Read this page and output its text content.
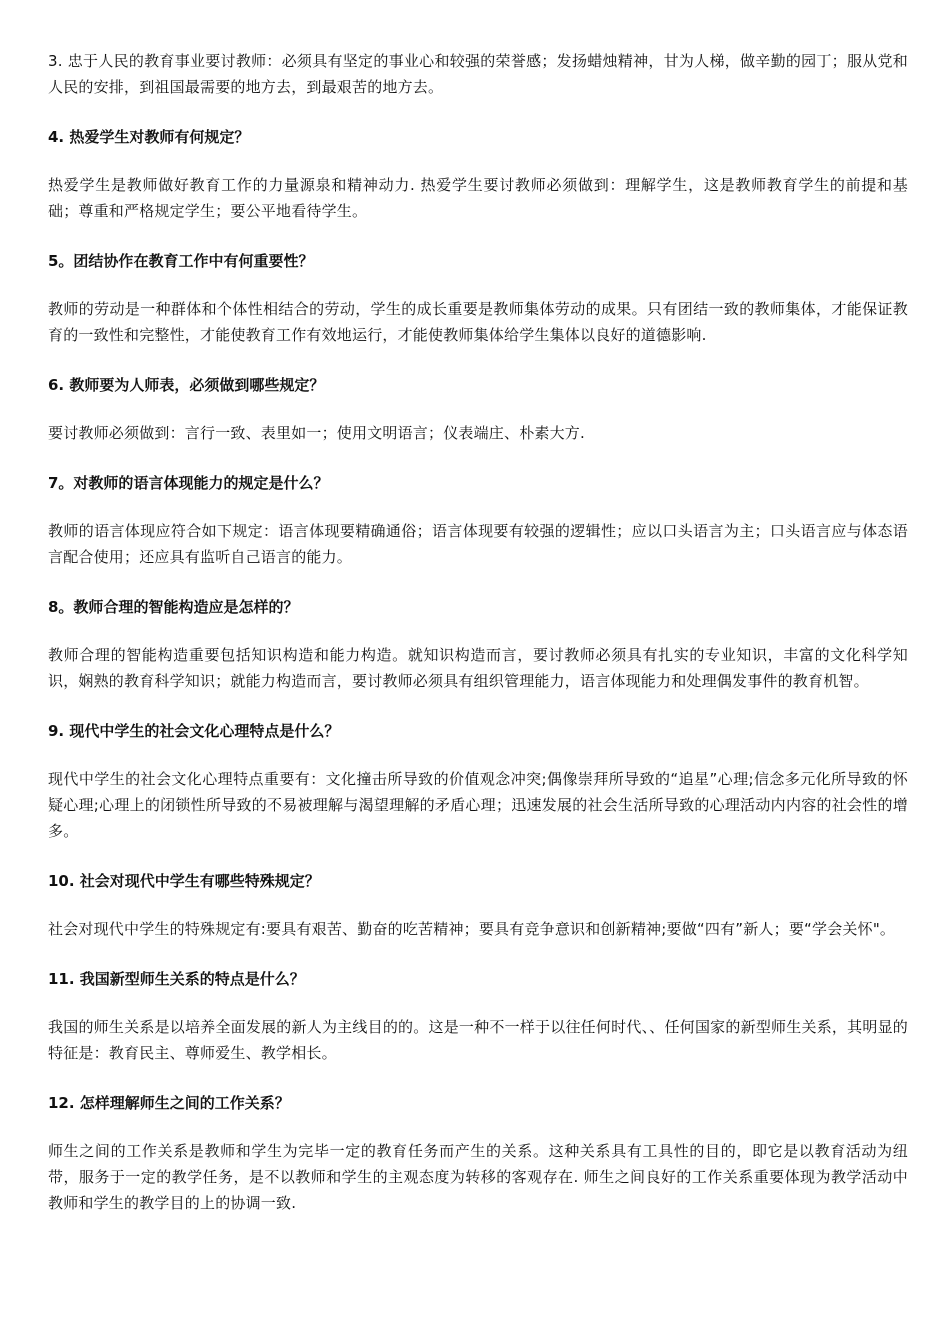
3. 忠于人民的教育事业要讨教师：必须具有坚定的事业心和较强的荣誉感；发扬蜡烛精神，甘为人梯，做辛勤的园丁；服从党和人民的安排，到祖国最需要的地方去，到最艰苦的地方去。

4. 热爱学生对教师有何规定？

热爱学生是教师做好教育工作的力量源泉和精神动力. 热爱学生要讨教师必须做到：理解学生，这是教师教育学生的前提和基础；尊重和严格规定学生；要公平地看待学生。

5。团结协作在教育工作中有何重要性？

教师的劳动是一种群体和个体性相结合的劳动，学生的成长重要是教师集体劳动的成果。只有团结一致的教师集体，才能保证教育的一致性和完整性，才能使教育工作有效地运行，才能使教师集体给学生集体以良好的道德影响.

6. 教师要为人师表，必须做到哪些规定？

要讨教师必须做到：言行一致、表里如一；使用文明语言；仪表端庄、朴素大方.

7。对教师的语言体现能力的规定是什么？

教师的语言体现应符合如下规定：语言体现要精确通俗；语言体现要有较强的逻辑性；应以口头语言为主；口头语言应与体态语言配合使用；还应具有监听自己语言的能力。

8。教师合理的智能构造应是怎样的？

教师合理的智能构造重要包括知识构造和能力构造。就知识构造而言，要讨教师必须具有扎实的专业知识，丰富的文化科学知识，娴熟的教育科学知识；就能力构造而言，要讨教师必须具有组织管理能力，语言体现能力和处理偶发事件的教育机智。

9. 现代中学生的社会文化心理特点是什么？

现代中学生的社会文化心理特点重要有：文化撞击所导致的价值观念冲突;偶像崇拜所导致的“追星”心理;信念多元化所导致的怀疑心理;心理上的闭锁性所导致的不易被理解与渴望理解的矛盾心理；迅速发展的社会生活所导致的心理活动内内容的社会性的增多。

10. 社会对现代中学生有哪些特殊规定？

社会对现代中学生的特殊规定有:要具有艰苦、勤奋的吃苦精神；要具有竞争意识和创新精神;要做“四有”新人；要“学会关怀"。

11. 我国新型师生关系的特点是什么？

我国的师生关系是以培养全面发展的新人为主线目的的。这是一种不一样于以往任何时代、、任何国家的新型师生关系，其明显的特征是：教育民主、尊师爱生、教学相长。

12. 怎样理解师生之间的工作关系？

师生之间的工作关系是教师和学生为完毕一定的教育任务而产生的关系。这种关系具有工具性的目的，即它是以教育活动为纽带，服务于一定的教学任务，是不以教师和学生的主观态度为转移的客观存在. 师生之间良好的工作关系重要体现为教学活动中教师和学生的教学目的上的协调一致.
